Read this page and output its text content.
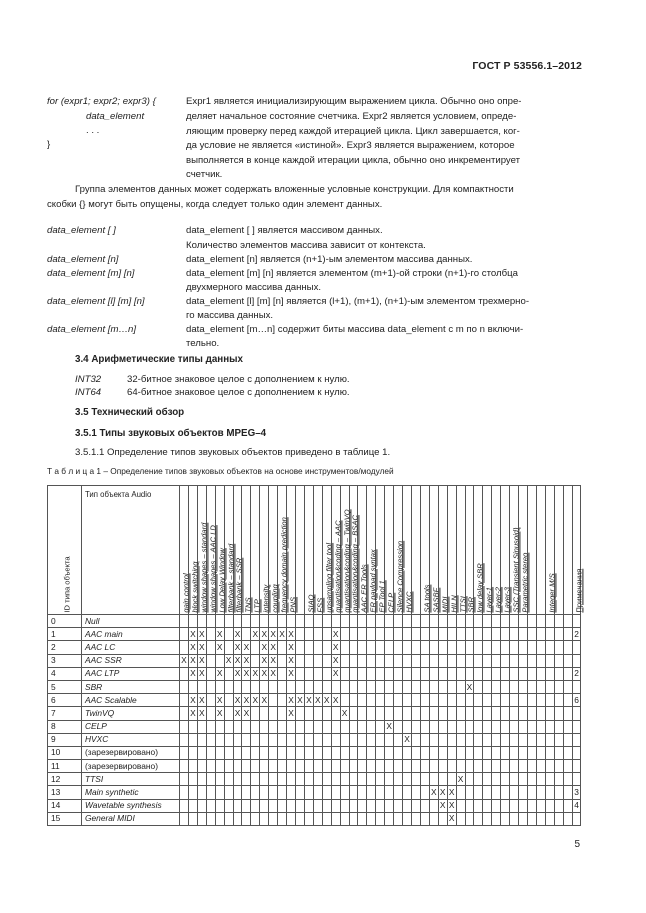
ГОСТ Р 53556.1–2012
for (expr1; expr2; expr3) {
data_element
. . .
}
Expr1 является инициализирующим выражением цикла. Обычно оно опре-
деляет начальное состояние счетчика. Expr2 является условием, опреде-
ляющим проверку перед каждой итерацией цикла. Цикл завершается, ког-
да условие не является «истиной». Expr3 является выражением, которое
выполняется в конце каждой итерации цикла, обычно оно инкрементирует
счетчик.
Группа элементов данных может содержать вложенные условные конструкции. Для компактности
скобки {} могут быть опущены, когда следует только один элемент данных.
data_element [ ]	data_element [ ] является массивом данных.
Количество элементов массива зависит от контекста.
data_element [n]	data_element [n] является (n+1)-ым элементом массива данных.
data_element [m] [n]	data_element [m] [n] является элементом (m+1)-ой строки (n+1)-го столбца
двухмерного массива данных.
data_element [l] [m] [n]	data_element [l] [m] [n] является (l+1), (m+1), (n+1)-ым элементом трехмерно-
го массива данных.
data_element [m…n]	data_element [m…n] содержит биты массива data_element с m по n включи-
тельно.
3.4 Арифметические типы данных
INT32	32-битное знаковое целое с дополнением к нулю.
INT64	64-битное знаковое целое с дополнением к нулю.
3.5 Технический обзор
3.5.1 Типы звуковых объектов MPEG–4
3.5.1.1 Определение типов звуковых объектов приведено в таблице 1.
Т а б л и ц а 1 – Определение типов звуковых объектов на основе инструментов/модулей
ID типа объекта	Тип объекта Audio	gain control	block switching	window shapes – standard	window shapes – AAC LD	Low Delay Window	filterbank – standard	filterbank – SSR	TNS	LTP	intensity	coupling	frequency domain prediction	PNS		SIAQ	FSS	upsampling filter tool	quantisation&coding – AAC	quantisation&coding – TwinVQ	quantisation&coding – BSAC	AAC ER Tools	ER payload syntax	EP Tool 1	CELP	Silence Compression	HVXC		SA tools	SASBF	MIDI	HILN	TTSI	SBR	low delay SBR	Layer-1	Layer-2	Layer-3	SSC (Transient Sinusoid)	Parametric stereo			Integer M/S			Примечания

0	Null																																													
1	AAC main		X	X		X		X		X	X	X	X	X					X																											2
2	AAC LC		X	X		X		X	X		X	X		X					X																											
3	AAC SSR	X	X	X			X	X	X		X	X		X					X																											
4	AAC LTP		X	X		X		X	X	X	X	X		X					X																											2
5	SBR																																	X												
6	AAC Scalable		X	X		X		X	X	X	X			X	X	X	X	X	X																											6
7	TwinVQ		X	X		X		X	X					X						X																										
8	CELP																								X																					
9	HVXC																										X																			
10	(зарезервировано)																																													
11	(зарезервировано)																																													
12	TTSI																																X													
13	Main synthetic																													X	X	X														3
14	Wavetable synthesis																														X	X														4
15	General MIDI																															X														
5
